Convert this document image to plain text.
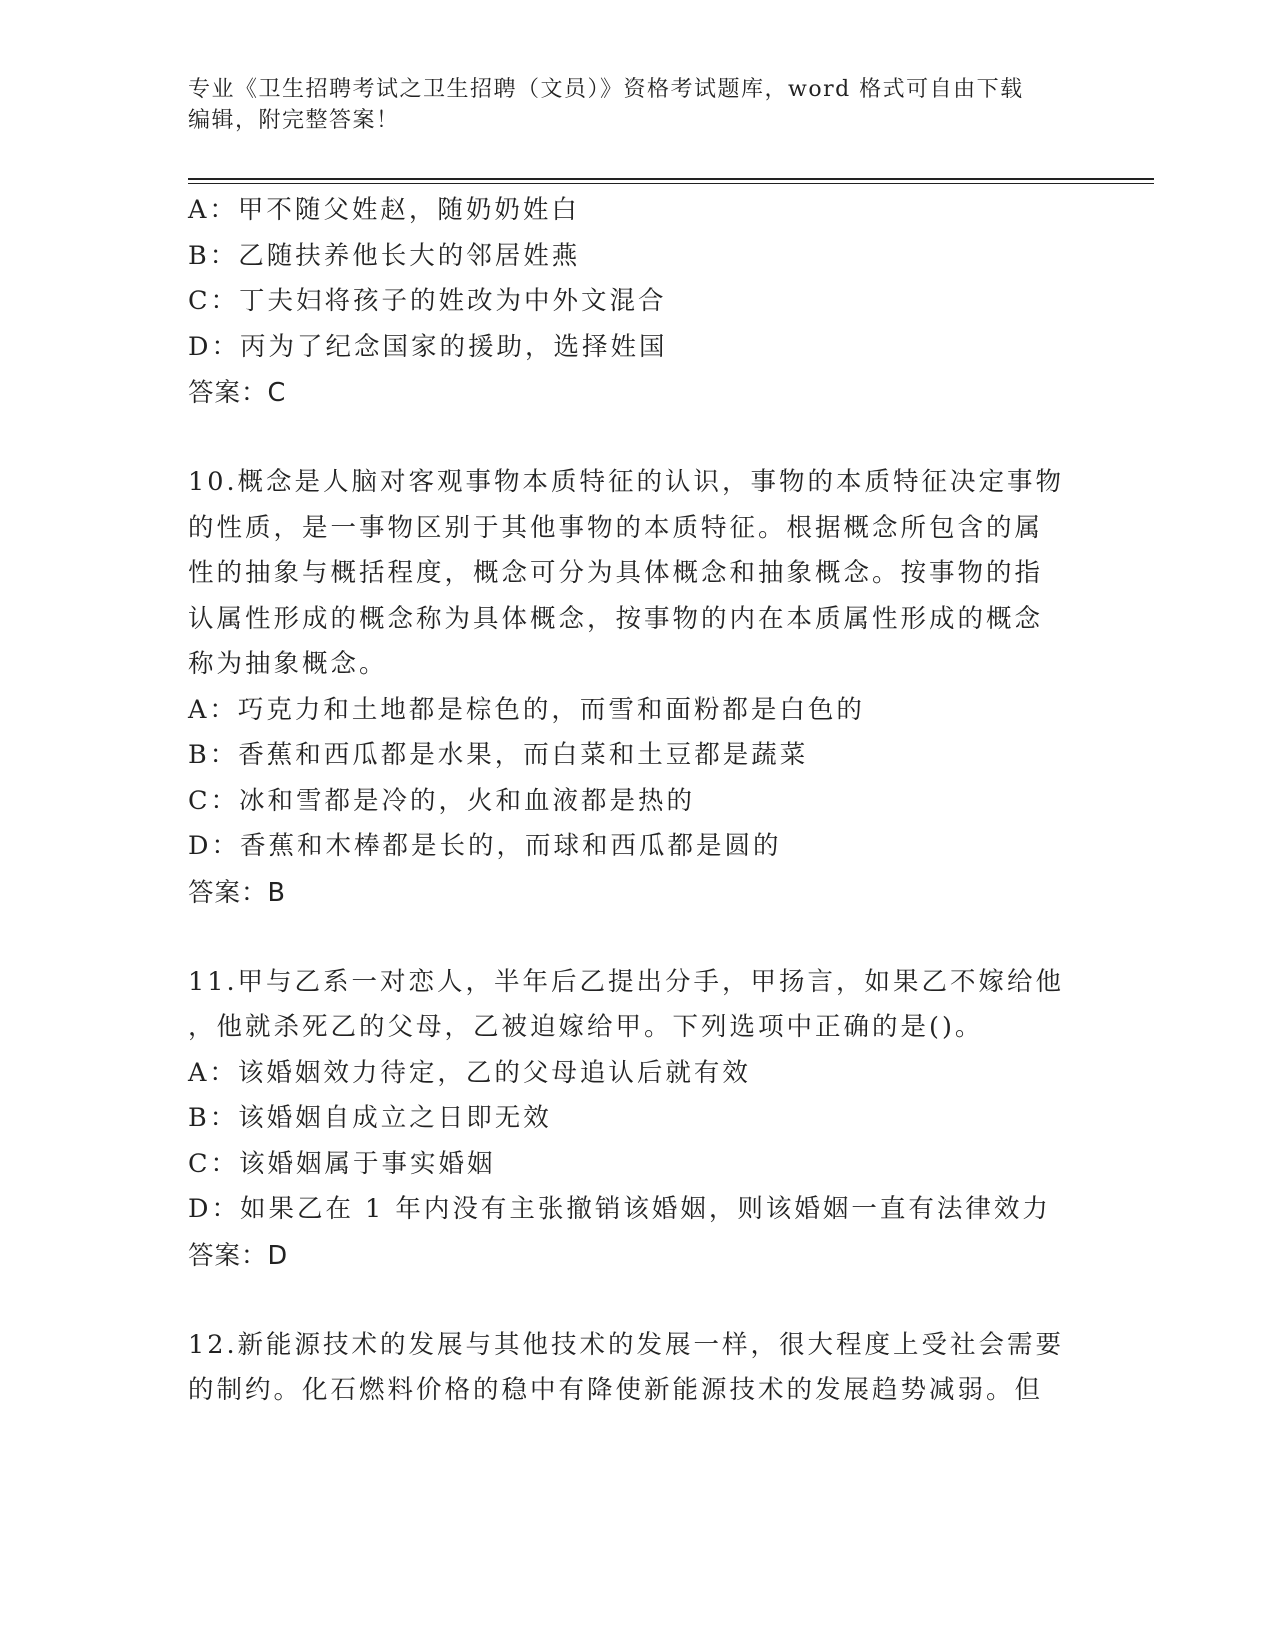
专业《卫生招聘考试之卫生招聘（文员）》资格考试题库，word 格式可自由下载
编辑，附完整答案！
A：甲不随父姓赵，随奶奶姓白
B：乙随扶养他长大的邻居姓燕
C：丁夫妇将孩子的姓改为中外文混合
D：丙为了纪念国家的援助，选择姓国
答案：C
10.概念是人脑对客观事物本质特征的认识，事物的本质特征决定事物
的性质，是一事物区别于其他事物的本质特征。根据概念所包含的属
性的抽象与概括程度，概念可分为具体概念和抽象概念。按事物的指
认属性形成的概念称为具体概念，按事物的内在本质属性形成的概念
称为抽象概念。
A：巧克力和土地都是棕色的，而雪和面粉都是白色的
B：香蕉和西瓜都是水果，而白菜和土豆都是蔬菜
C：冰和雪都是冷的，火和血液都是热的
D：香蕉和木棒都是长的，而球和西瓜都是圆的
答案：B
11.甲与乙系一对恋人，半年后乙提出分手，甲扬言，如果乙不嫁给他
，他就杀死乙的父母，乙被迫嫁给甲。下列选项中正确的是()。
A：该婚姻效力待定，乙的父母追认后就有效
B：该婚姻自成立之日即无效
C：该婚姻属于事实婚姻
D：如果乙在 1 年内没有主张撤销该婚姻，则该婚姻一直有法律效力
答案：D
12.新能源技术的发展与其他技术的发展一样，很大程度上受社会需要
的制约。化石燃料价格的稳中有降使新能源技术的发展趋势减弱。但
